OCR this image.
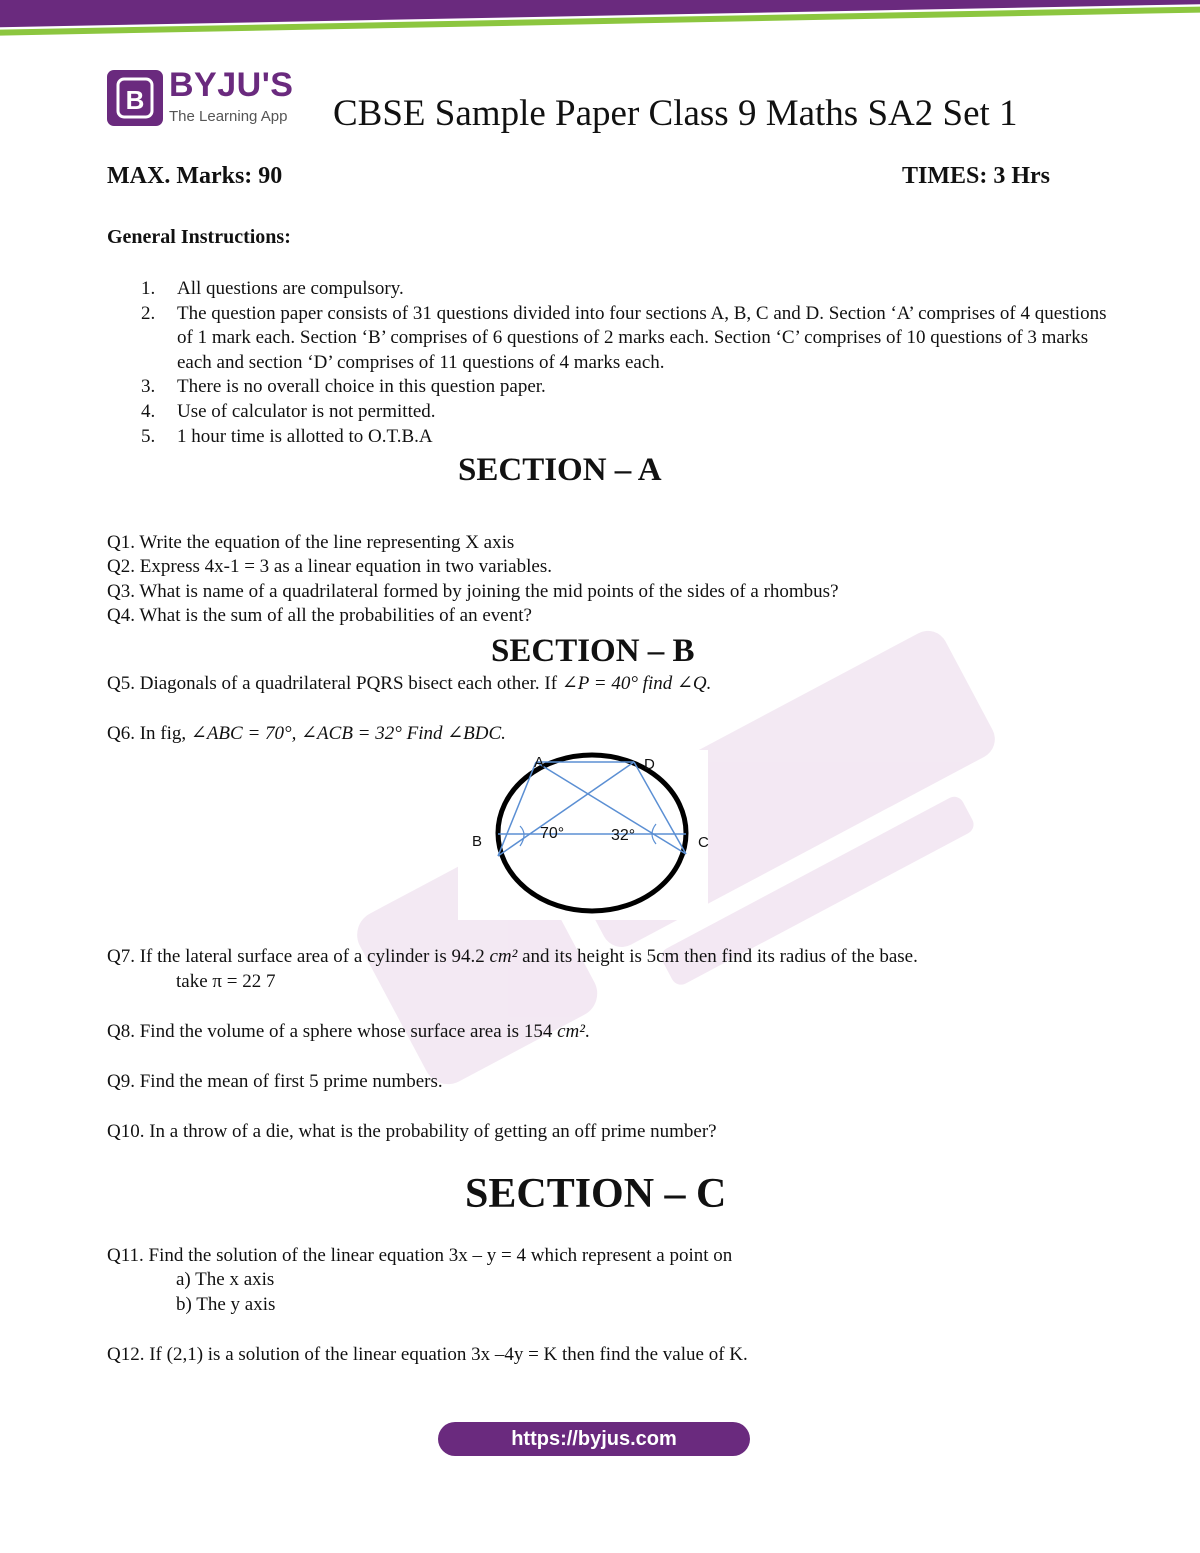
B BYJU'S
The Learning App CBSE Sample Paper Class 9 Maths SA2 Set 1
MAX. Marks: 90	TIMES: 3 Hrs
General Instructions:
1. All questions are compulsory.
2. The question paper consists of 31 questions divided into four sections A, B, C and D. Section ‘A’ comprises of 4 questions of 1 mark each. Section ‘B’ comprises of 6 questions of 2 marks each. Section ‘C’ comprises of 10 questions of 3 marks each and section ‘D’ comprises of 11 questions of 4 marks each.
3. There is no overall choice in this question paper.
4. Use of calculator is not permitted.
5. 1 hour time is allotted to O.T.B.A
SECTION – A
Q1. Write the equation of the line representing X axis
Q2. Express 4x-1 = 3 as a linear equation in two variables.
Q3. What is name of a quadrilateral formed by joining the mid points of the sides of a rhombus?
Q4. What is the sum of all the probabilities of an event?
SECTION – B
Q5. Diagonals of a quadrilateral PQRS bisect each other. If ∠P = 40° find ∠Q.
Q6. In fig, ∠ABC = 70°, ∠ACB = 32° Find ∠BDC.
A	D
B	C
70°	32°
Q7. If the lateral surface area of a cylinder is 94.2 cm² and its height is 5cm then find its radius of the base.
take π = 22 7
Q8. Find the volume of a sphere whose surface area is 154 cm².
Q9. Find the mean of first 5 prime numbers.
Q10. In a throw of a die, what is the probability of getting an off prime number?
SECTION – C
Q11. Find the solution of the linear equation 3x – y = 4 which represent a point on
a) The x axis
b) The y axis
Q12. If (2,1) is a solution of the linear equation 3x –4y = K then find the value of K.
https://byjus.com
